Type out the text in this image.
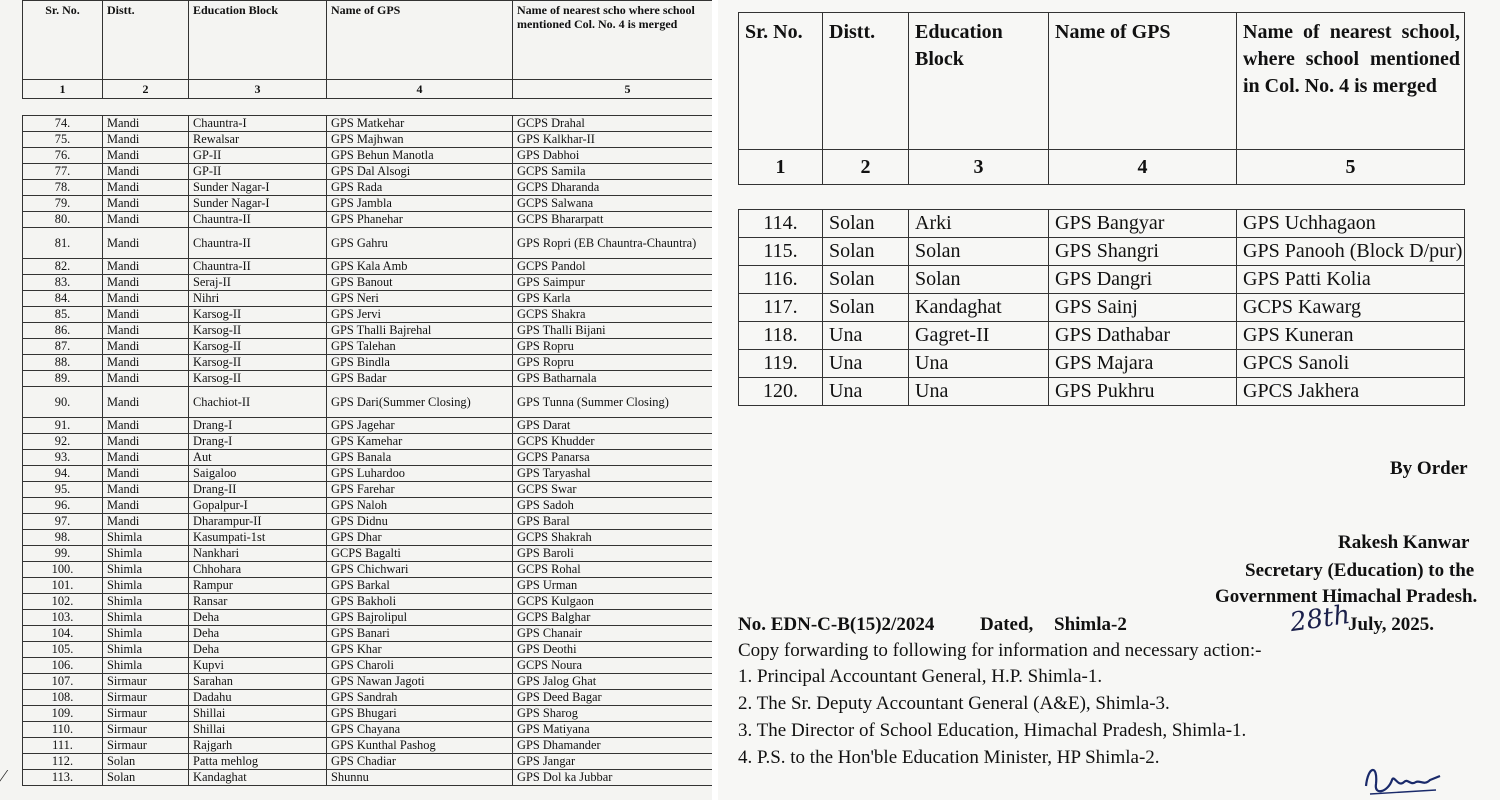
Sr. No.	Distt.	Education Block	Name of GPS	Name of nearest scho where school mentioned Col. No. 4 is merged
1	2	3	4	5
74.	Mandi	Chauntra-I	GPS Matkehar	GCPS Drahal
75.	Mandi	Rewalsar	GPS Majhwan	GPS Kalkhar-II
76.	Mandi	GP-II	GPS Behun Manotla	GPS Dabhoi
77.	Mandi	GP-II	GPS Dal Alsogi	GCPS Samila
78.	Mandi	Sunder Nagar-I	GPS Rada	GCPS Dharanda
79.	Mandi	Sunder Nagar-I	GPS Jambla	GCPS Salwana
80.	Mandi	Chauntra-II	GPS Phanehar	GCPS Bhararpatt
81.	Mandi	Chauntra-II	GPS Gahru	GPS Ropri (EB Chauntra-Chauntra)
82.	Mandi	Chauntra-II	GPS Kala Amb	GCPS Pandol
83.	Mandi	Seraj-II	GPS Banout	GPS Saimpur
84.	Mandi	Nihri	GPS Neri	GPS Karla
85.	Mandi	Karsog-II	GPS Jervi	GCPS Shakra
86.	Mandi	Karsog-II	GPS Thalli Bajrehal	GPS Thalli Bijani
87.	Mandi	Karsog-II	GPS Talehan	GPS Ropru
88.	Mandi	Karsog-II	GPS Bindla	GPS Ropru
89.	Mandi	Karsog-II	GPS Badar	GPS Batharnala
90.	Mandi	Chachiot-II	GPS Dari(Summer Closing)	GPS Tunna (Summer Closing)
91.	Mandi	Drang-I	GPS Jagehar	GPS Darat
92.	Mandi	Drang-I	GPS Kamehar	GCPS Khudder
93.	Mandi	Aut	GPS Banala	GCPS Panarsa
94.	Mandi	Saigaloo	GPS Luhardoo	GPS Taryashal
95.	Mandi	Drang-II	GPS Farehar	GCPS Swar
96.	Mandi	Gopalpur-I	GPS Naloh	GPS Sadoh
97.	Mandi	Dharampur-II	GPS Didnu	GPS Baral
98.	Shimla	Kasumpati-1st	GPS Dhar	GCPS Shakrah
99.	Shimla	Nankhari	GCPS Bagalti	GPS Baroli
100.	Shimla	Chhohara	GPS Chichwari	GCPS Rohal
101.	Shimla	Rampur	GPS Barkal	GPS Urman
102.	Shimla	Ransar	GPS Bakholi	GCPS Kulgaon
103.	Shimla	Deha	GPS Bajrolipul	GCPS Balghar
104.	Shimla	Deha	GPS Banari	GPS Chanair
105.	Shimla	Deha	GPS Khar	GPS Deothi
106.	Shimla	Kupvi	GPS Charoli	GCPS Noura
107.	Sirmaur	Sarahan	GPS Nawan Jagoti	GPS Jalog Ghat
108.	Sirmaur	Dadahu	GPS Sandrah	GPS Deed Bagar
109.	Sirmaur	Shillai	GPS Bhugari	GPS Sharog
110.	Sirmaur	Shillai	GPS Chayana	GPS Matiyana
111.	Sirmaur	Rajgarh	GPS Kunthal Pashog	GPS Dhamander
112.	Solan	Patta mehlog	GPS Chadiar	GPS Jangar
113.	Solan	Kandaghat	Shunnu	GPS Dol ka Jubbar
⁄
Sr. No.	Distt.	Education Block	Name of GPS	Name of nearest school, where school mentioned in Col. No. 4 is merged
1	2	3	4	5
114.	Solan	Arki	GPS Bangyar	GPS Uchhagaon
115.	Solan	Solan	GPS Shangri	GPS Panooh (Block D/pur)
116.	Solan	Solan	GPS Dangri	GPS Patti Kolia
117.	Solan	Kandaghat	GPS Sainj	GCPS Kawarg
118.	Una	Gagret-II	GPS Dathabar	GPS Kuneran
119.	Una	Una	GPS Majara	GPCS Sanoli
120.	Una	Una	GPS Pukhru	GPCS Jakhera
By Order
Rakesh Kanwar
Secretary (Education) to the
Government Himachal Pradesh.
No. EDN-C-B(15)2/2024 Dated, Shimla-2	28th
July, 2025.
Copy forwarding to following for information and necessary action:-
1. Principal Accountant General, H.P. Shimla-1.
2. The Sr. Deputy Accountant General (A&E), Shimla-3.
3. The Director of School Education, Himachal Pradesh, Shimla-1.
4. P.S. to the Hon'ble Education Minister, HP Shimla-2.
